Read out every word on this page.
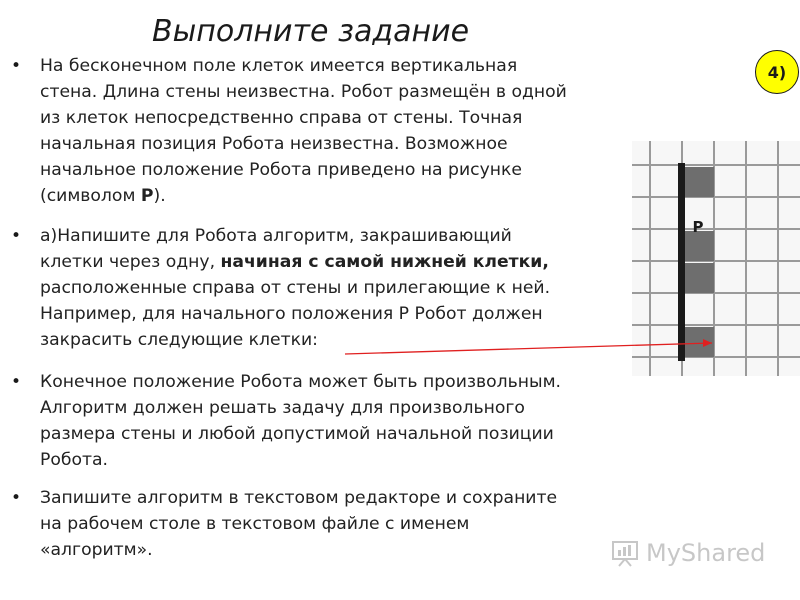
Выполните задание
4)
• На бесконечном поле клеток имеется вертикальная
стена. Длина стены неизвестна. Робот размещён в одной
из клеток непосредственно справа от стены. Точная
начальная позиция Робота неизвестна. Возможное
начальное положение Робота приведено на рисунке
(символом Р).
• а)Напишите для Робота алгоритм, закрашивающий
клетки через одну, начиная с самой нижней клетки,
расположенные справа от стены и прилегающие к ней.
Например, для начального положения Р Робот должен
закрасить следующие клетки:
• Конечное положение Робота может быть произвольным.
Алгоритм должен решать задачу для произвольного
размера стены и любой допустимой начальной позиции
Робота.
• Запишите алгоритм в текстовом редакторе и сохраните
на рабочем столе в текстовом файле с именем
«алгоритм».
Р
MyShared
